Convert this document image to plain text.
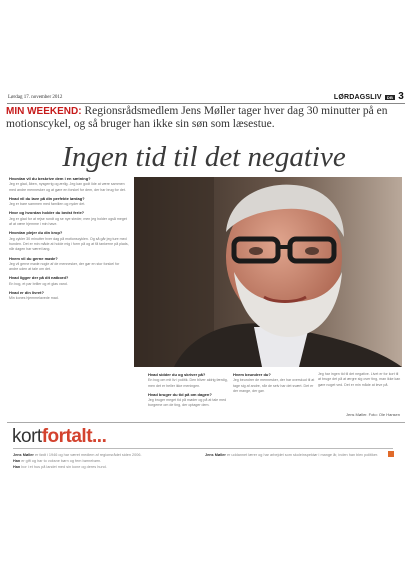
Lørdag 17. november 2012	LØRDAGSLIV DB 3
MIN WEEKEND: Regionsrådsmedlem Jens Møller tager hver dag 30 minutter på en motionscykel, og så bruger han ikke sin søn som læsestue.
Ingen tid til det negative

Hvordan vil du beskrive dem i en sætning?
Jeg er glad, åben, nysgerrig og ærlig. Jeg kan godt lide at være sammen med andre mennesker og at gøre en forskel for dem, der har brug for det.

Hvad vil du lave på din perfekte lørdag?
Jeg er bare sammen med familien og nyder det.

Hvor og hvordan holder du bedst ferie?
Jeg er glad for at rejse rundt og se nye steder, men jeg holder også meget af at være hjemme i min have.

Hvordan plejer du din krop?
Jeg cykler 30 minutter hver dag på motionscyklen. Og så går jeg ture med hunden. Det er min måde at holde mig i form på og at få tankerne på plads, når dagen har været lang.

Hvem vil du gerne møde?
Jeg vil gerne møde nogle af de mennesker, der gør en stor forskel for andre uden at tale om det.

Hvad ligger der på dit natbord?
En bog, et par briller og et glas vand.

Hvad er din livret?
Min kones hjemmelavede mad.

Hvad sidder du og skriver på?
En bog om mit liv i politik. Den bliver aldrig færdig, men det er heller ikke meningen.

Hvad bruger du tid på om dagen?
Jeg bruger meget tid på møder og på at tale med borgerne om de ting, der optager dem.

Hvem beundrer du?
Jeg beundrer de mennesker, der har overskud til at tage sig af andre, når de selv har det svært. Det er der mange, der gør.

Jeg har ingen tid til det negative. Livet er for kort til at bruge det på at ærgre sig over ting, man ikke kan gøre noget ved. Det er min måde at leve på.

Jens Møller. Foto: Ole Hansen
kortfortalt...
Jens Møller er født i 1946 og har været medlem af regionsrådet siden 2006.
Han er gift og har to voksne børn og fem børnebørn.
Han bor i et hus på landet med sin kone og deres hund.
Jens Møller er uddannet lærer og har arbejdet som skoleinspektør i mange år, inden han blev politiker.
